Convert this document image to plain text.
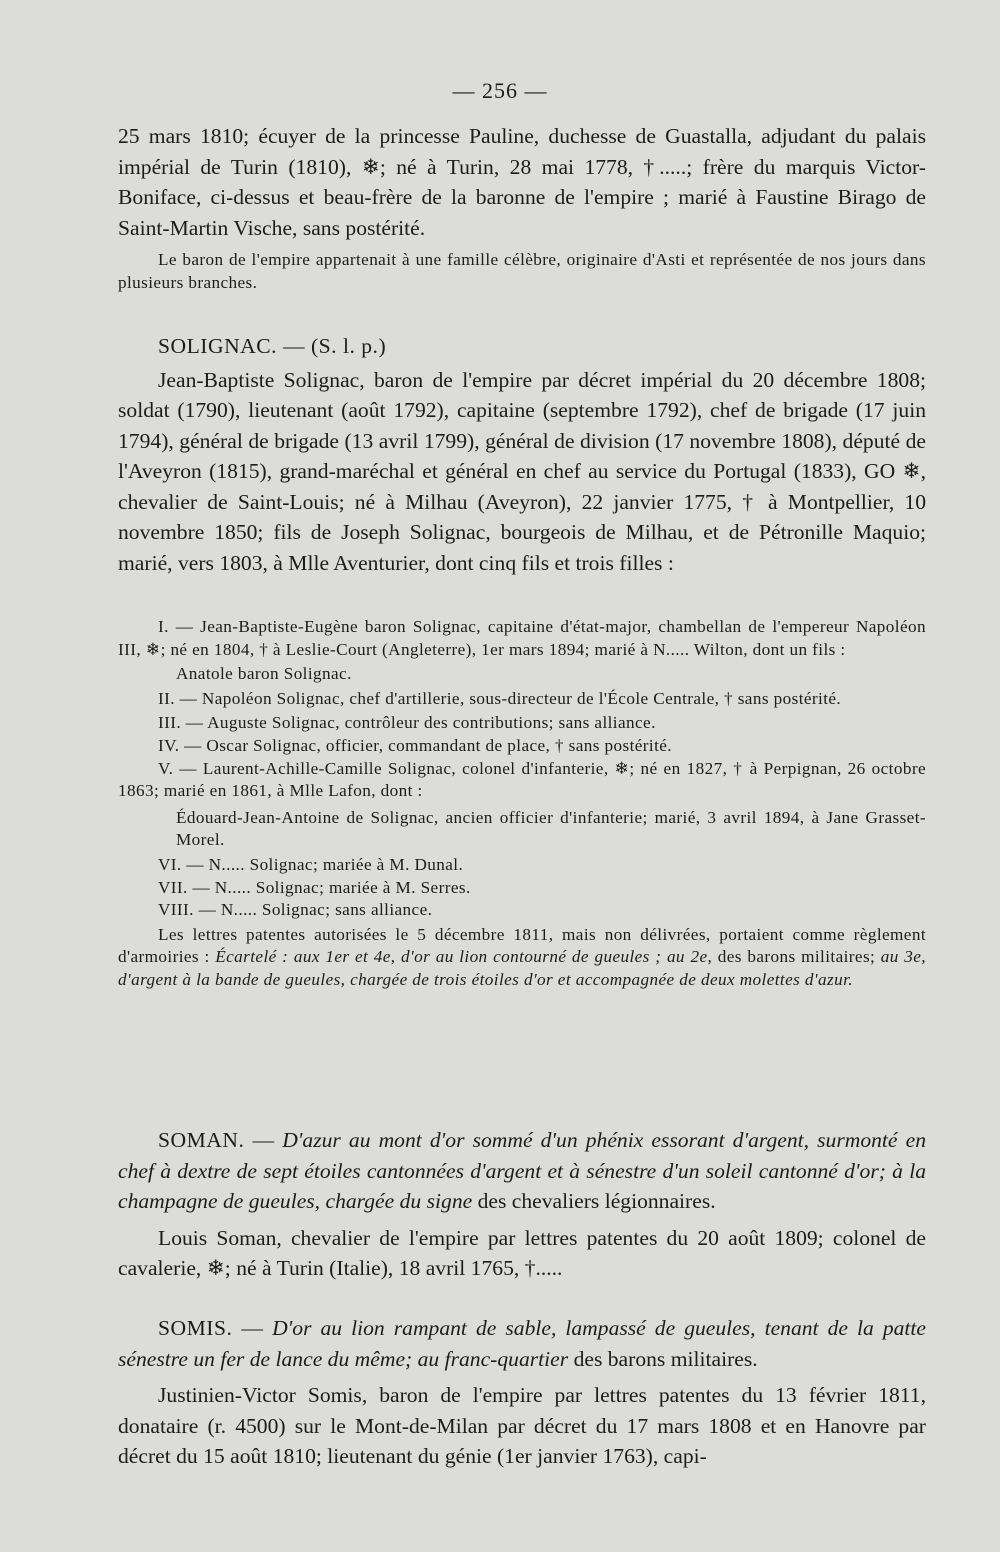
— 256 —

25 mars 1810; écuyer de la princesse Pauline, duchesse de Guastalla, adjudant du palais impérial de Turin (1810), ❄; né à Turin, 28 mai 1778, †.....; frère du marquis Victor-Boniface, ci-dessus et beau-frère de la baronne de l'empire ; marié à Faustine Birago de Saint-Martin Vische, sans postérité.

Le baron de l'empire appartenait à une famille célèbre, originaire d'Asti et représentée de nos jours dans plusieurs branches.

SOLIGNAC. — (S. l. p.)

Jean-Baptiste Solignac, baron de l'empire par décret impérial du 20 décembre 1808; soldat (1790), lieutenant (août 1792), capitaine (septembre 1792), chef de brigade (17 juin 1794), général de brigade (13 avril 1799), général de division (17 novembre 1808), député de l'Aveyron (1815), grand-maréchal et général en chef au service du Portugal (1833), GO ❄, chevalier de Saint-Louis; né à Milhau (Aveyron), 22 janvier 1775, † à Montpellier, 10 novembre 1850; fils de Joseph Solignac, bourgeois de Milhau, et de Pétronille Maquio; marié, vers 1803, à Mlle Aventurier, dont cinq fils et trois filles :

I. — Jean-Baptiste-Eugène baron Solignac, capitaine d'état-major, chambellan de l'empereur Napoléon III, ❄; né en 1804, † à Leslie-Court (Angleterre), 1er mars 1894; marié à N..... Wilton, dont un fils :

Anatole baron Solignac.

II. — Napoléon Solignac, chef d'artillerie, sous-directeur de l'École Centrale, † sans postérité.

III. — Auguste Solignac, contrôleur des contributions; sans alliance.

IV. — Oscar Solignac, officier, commandant de place, † sans postérité.

V. — Laurent-Achille-Camille Solignac, colonel d'infanterie, ❄; né en 1827, † à Perpignan, 26 octobre 1863; marié en 1861, à Mlle Lafon, dont :

Édouard-Jean-Antoine de Solignac, ancien officier d'infanterie; marié, 3 avril 1894, à Jane Grasset-Morel.

VI. — N..... Solignac; mariée à M. Dunal.

VII. — N..... Solignac; mariée à M. Serres.

VIII. — N..... Solignac; sans alliance.

Les lettres patentes autorisées le 5 décembre 1811, mais non délivrées, portaient comme règlement d'armoiries : Écartelé : aux 1er et 4e, d'or au lion contourné de gueules ; au 2e, des barons militaires; au 3e, d'argent à la bande de gueules, chargée de trois étoiles d'or et accompagnée de deux molettes d'azur.

SOMAN. — D'azur au mont d'or sommé d'un phénix essorant d'argent, surmonté en chef à dextre de sept étoiles cantonnées d'argent et à sénestre d'un soleil cantonné d'or; à la champagne de gueules, chargée du signe des chevaliers légionnaires.

Louis Soman, chevalier de l'empire par lettres patentes du 20 août 1809; colonel de cavalerie, ❄; né à Turin (Italie), 18 avril 1765, †.....

SOMIS. — D'or au lion rampant de sable, lampassé de gueules, tenant de la patte sénestre un fer de lance du même; au franc-quartier des barons militaires.

Justinien-Victor Somis, baron de l'empire par lettres patentes du 13 février 1811, donataire (r. 4500) sur le Mont-de-Milan par décret du 17 mars 1808 et en Hanovre par décret du 15 août 1810; lieutenant du génie (1er janvier 1763), capi-
